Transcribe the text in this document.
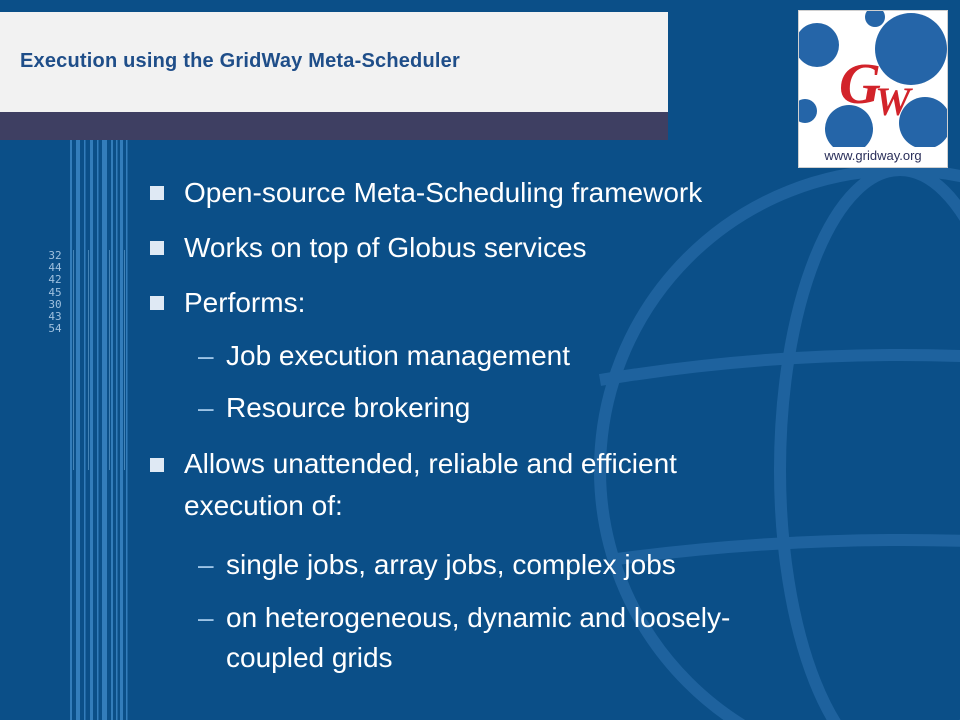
Execution using the GridWay Meta-Scheduler	G
W
www.gridway.org
324442453043 54
Open-source Meta-Scheduling framework
Works on top of Globus services
Performs:
– Job execution management
– Resource brokering
Allows unattended, reliable and efficient
execution of:
– single jobs, array jobs, complex jobs
– on heterogeneous, dynamic and loosely-
coupled grids
